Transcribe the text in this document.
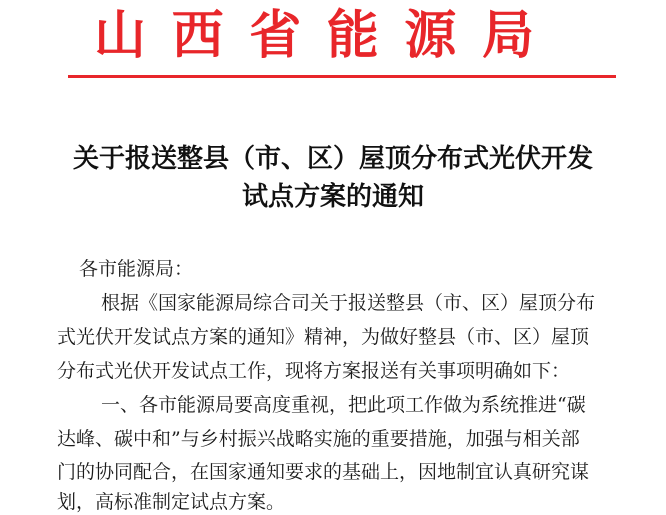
山 西 省 能 源 局
关于报送整县（市、区）屋顶分布式光伏开发
试点方案的通知
各市能源局：
根据《国家能源局综合司关于报送整县（市、区）屋顶分布
式光伏开发试点方案的通知》精神，为做好整县（市、区）屋顶
分布式光伏开发试点工作，现将方案报送有关事项明确如下：
一、各市能源局要高度重视，把此项工作做为系统推进“碳
达峰、碳中和”与乡村振兴战略实施的重要措施，加强与相关部
门的协同配合，在国家通知要求的基础上，因地制宜认真研究谋
划，高标准制定试点方案。
